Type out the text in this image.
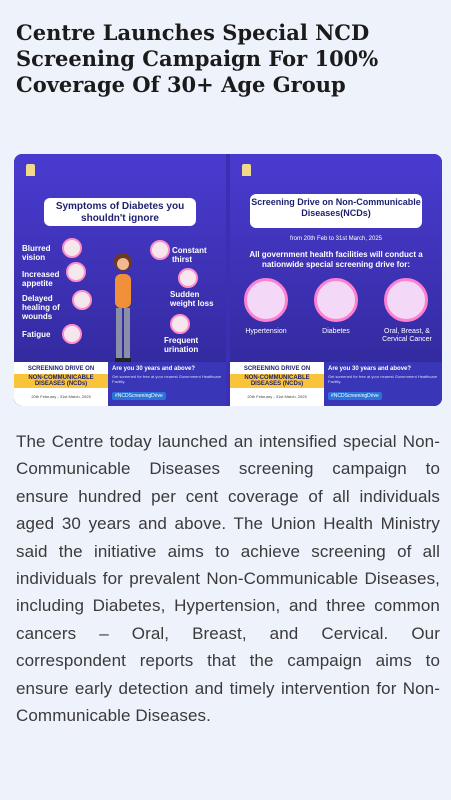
Centre Launches Special NCD Screening Campaign For 100% Coverage Of 30+ Age Group
Symptoms of Diabetes you shouldn't ignore
Blurred vision
Constant thirst
Increased appetite
Sudden weight loss
Delayed healing of wounds
Fatigue
Frequent urination
SCREENING DRIVE ON
NON-COMMUNICABLE DISEASES (NCDs)
20th February - 31st March, 2025
Are you 30 years and above?
Get screened for free at your nearest Government Healthcare Facility.
#NCDScreeningDrive
Screening Drive on Non-Communicable Diseases(NCDs)
from 20th Feb to 31st March, 2025
All government health facilities will conduct a nationwide special screening drive for:
Hypertension	Diabetes	Oral, Breast, & Cervical Cancer
SCREENING DRIVE ON
NON-COMMUNICABLE DISEASES (NCDs)
20th February - 31st March, 2025
Are you 30 years and above?
Get screened for free at your nearest Government Healthcare Facility.
#NCDScreeningDrive

The Centre today launched an intensified special Non-Communicable Diseases screening campaign to ensure hundred per cent coverage of all individuals aged 30 years and above. The Union Health Ministry said the initiative aims to achieve screening of all individuals for prevalent Non-Communicable Diseases, including Diabetes, Hypertension, and three common cancers – Oral, Breast, and Cervical. Our correspondent reports that the campaign aims to ensure early detection and timely intervention for Non-Communicable Diseases.
